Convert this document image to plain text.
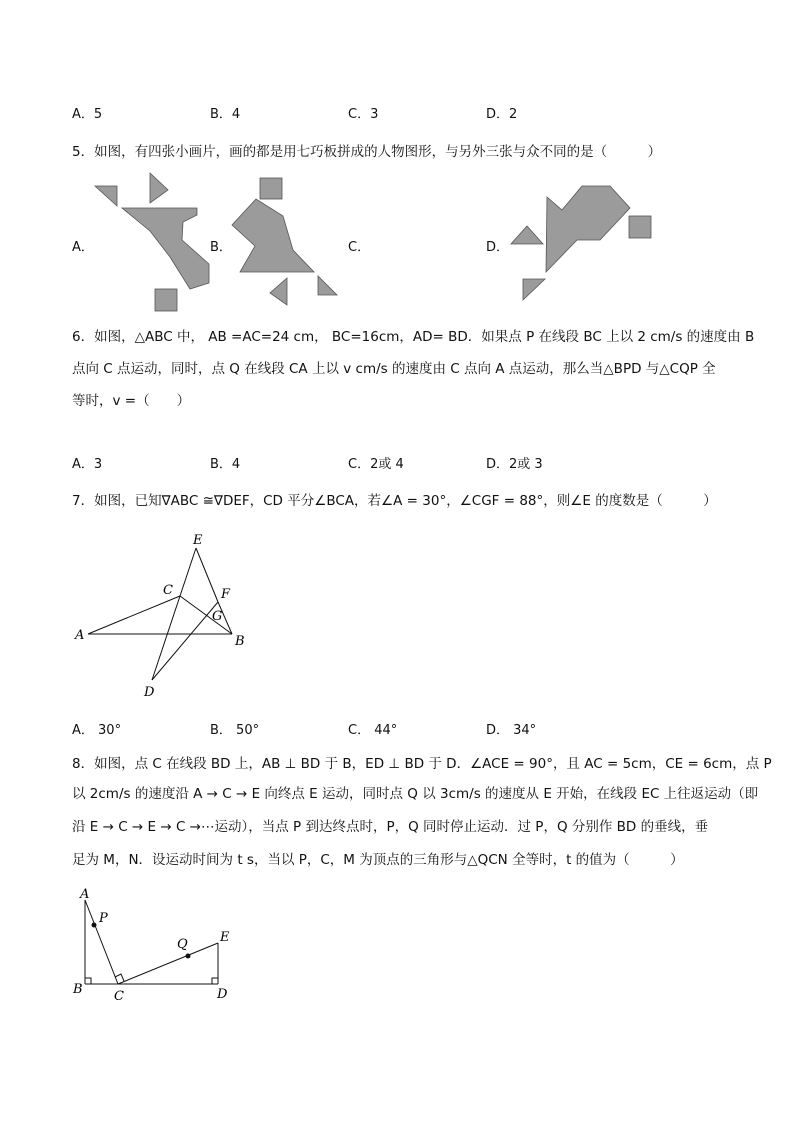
A．5	B．4	C．3	D．2
5．如图，有四张小画片，画的都是用七巧板拼成的人物图形，与另外三张与众不同的是（　　　）
A．	B．	C．	D．
6．如图，△ABC 中， AB =AC=24 cm， BC=16cm，AD= BD．如果点 P 在线段 BC 上以 2 cm/s 的速度由 B
点向 C 点运动，同时，点 Q 在线段 CA 上以 v cm/s 的速度由 C 点向 A 点运动，那么当△BPD 与△CQP 全
等时，v =（　　）
A．3	B．4	C．2或 4	D．2或 3
7．如图，已知∇ABC ≅∇DEF，CD 平分∠BCA，若∠A = 30°，∠CGF = 88°，则∠E 的度数是（　　　）
E
C	F
G
A	B
D
A． 30°	B． 50°	C． 44°	D． 34°
8．如图，点 C 在线段 BD 上，AB ⊥ BD 于 B，ED ⊥ BD 于 D．∠ACE = 90°，且 AC = 5cm，CE = 6cm，点 P
以 2cm/s 的速度沿 A → C → E 向终点 E 运动，同时点 Q 以 3cm/s 的速度从 E 开始，在线段 EC 上往返运动（即
沿 E → C → E → C →⋯运动），当点 P 到达终点时，P，Q 同时停止运动．过 P，Q 分别作 BD 的垂线，垂
足为 M，N．设运动时间为 t s，当以 P，C，M 为顶点的三角形与△QCN 全等时，t 的值为（　　　）
A
P
Q E
B C	D
